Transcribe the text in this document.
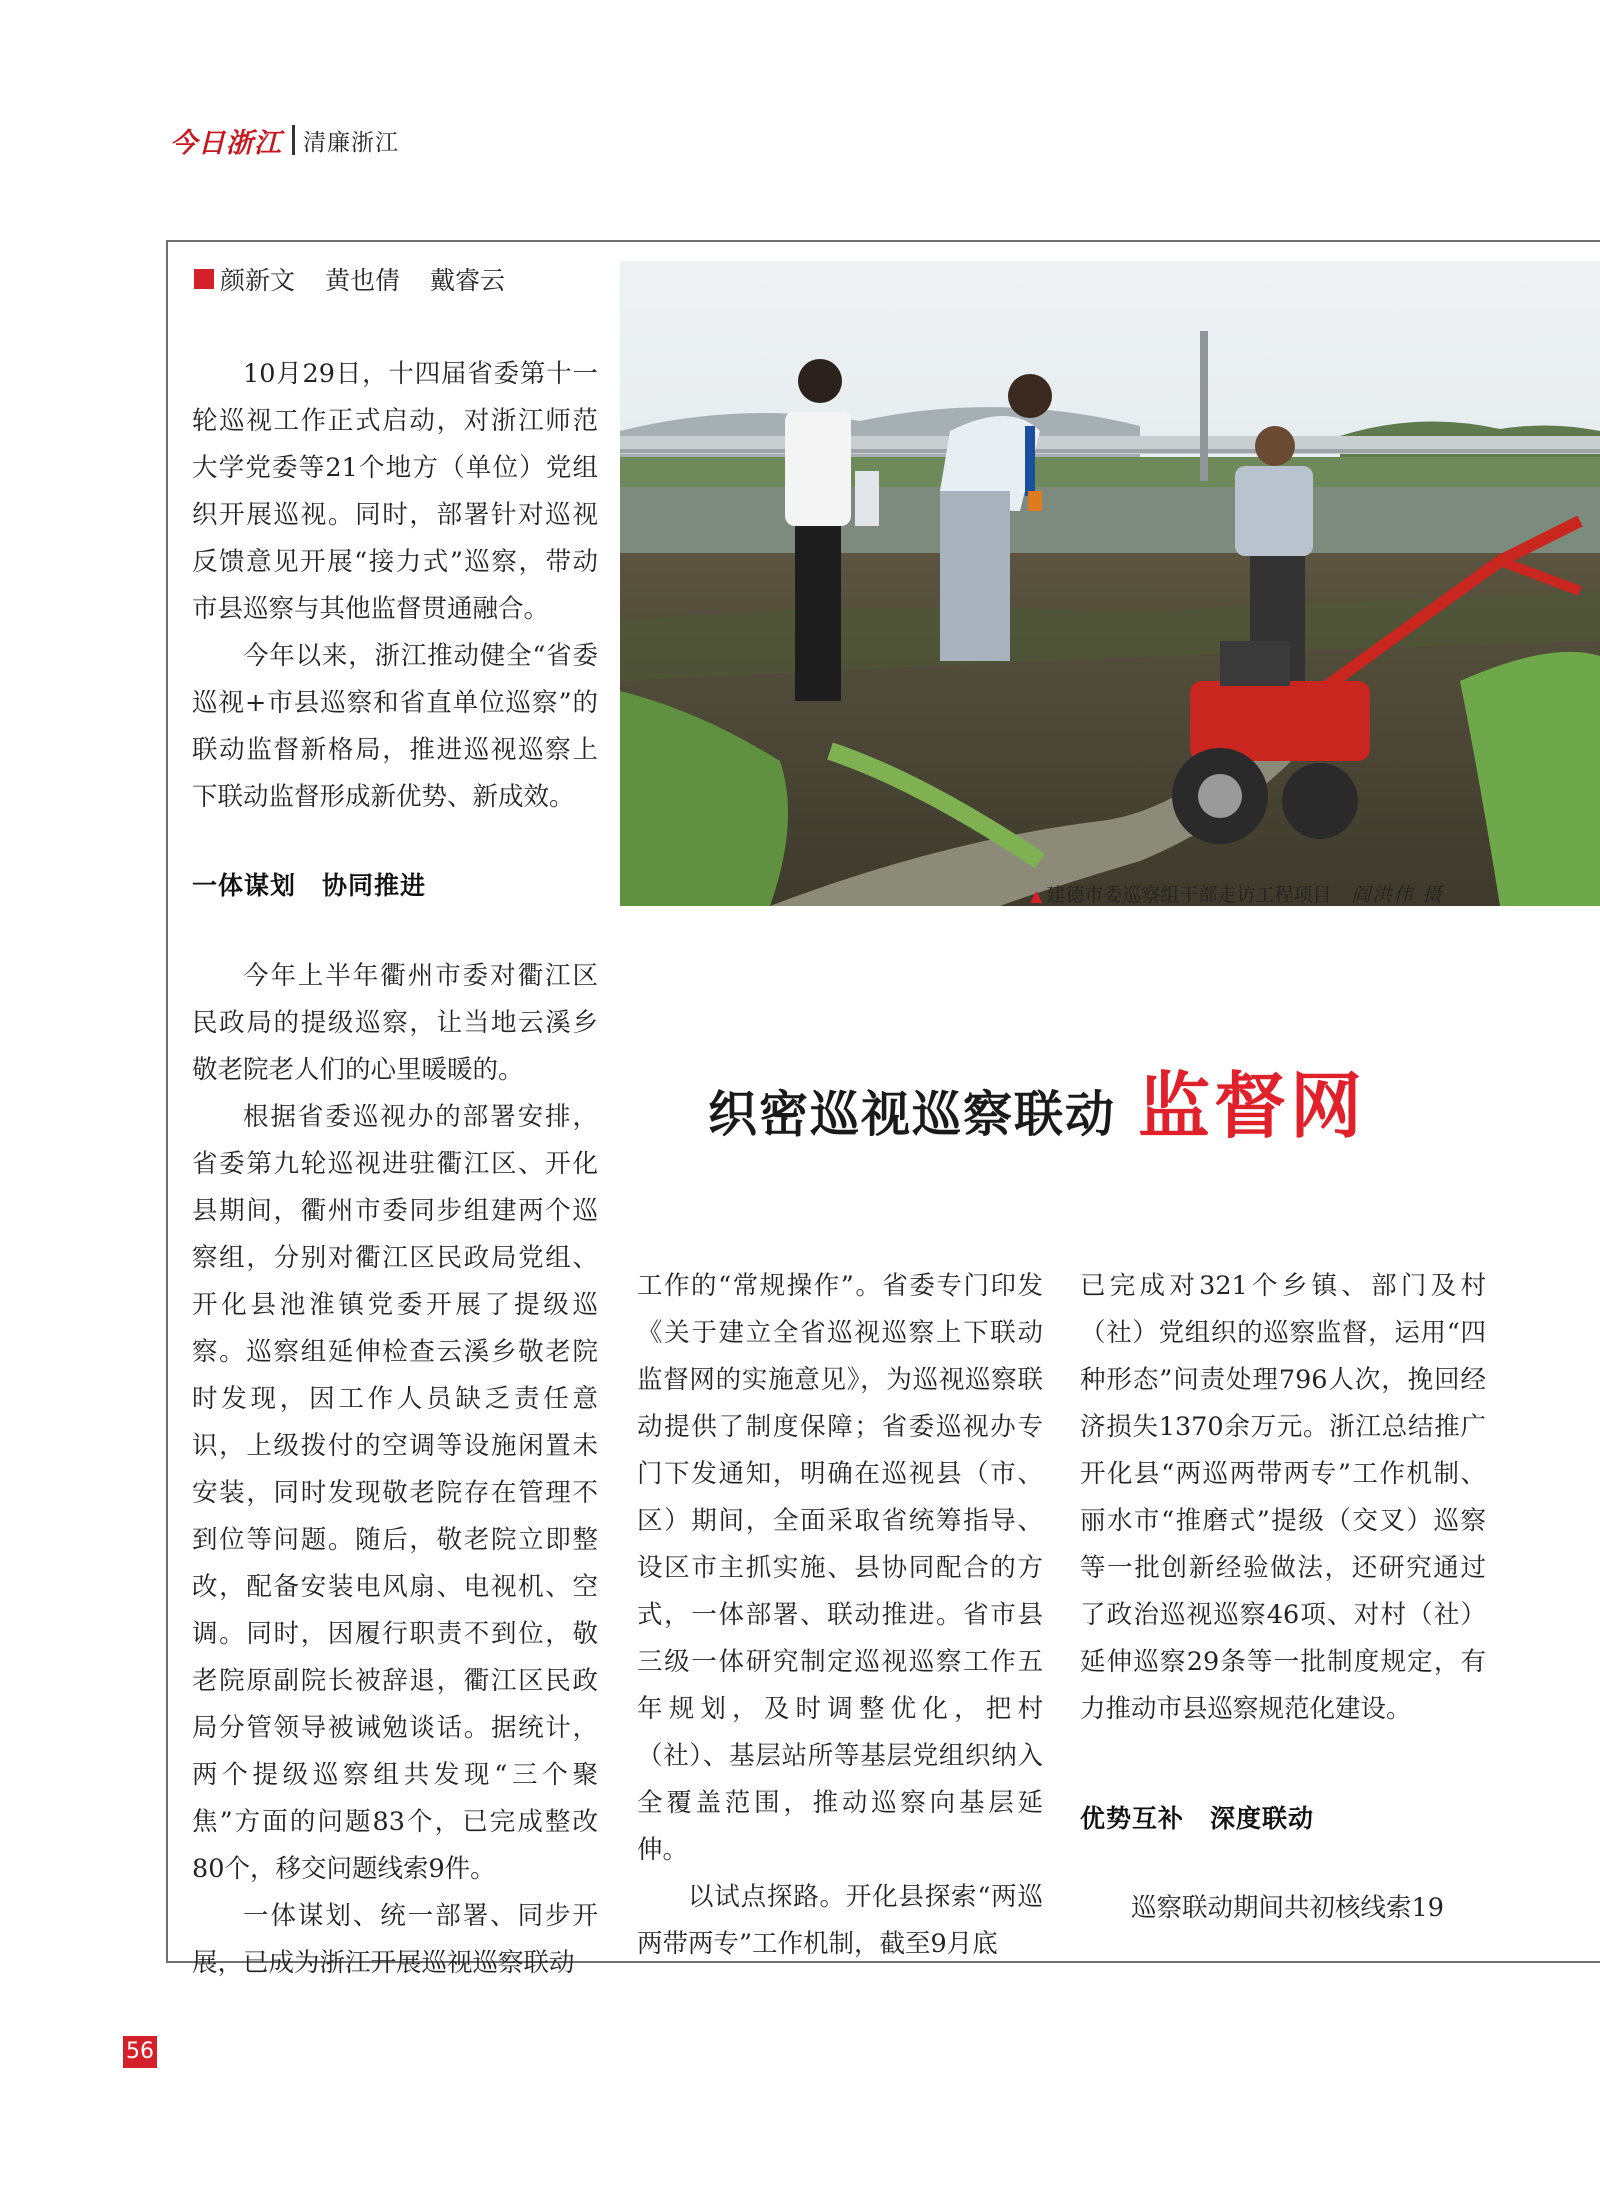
今日浙江 清廉浙江
颜新文 黄也倩 戴睿云

10月29日，十四届省委第十一轮巡视工作正式启动，对浙江师范大学党委等21个地方（单位）党组织开展巡视。同时，部署针对巡视反馈意见开展“接力式”巡察，带动市县巡察与其他监督贯通融合。

今年以来，浙江推动健全“省委巡视+市县巡察和省直单位巡察”的联动监督新格局，推进巡视巡察上下联动监督形成新优势、新成效。

一体谋划　协同推进

今年上半年衢州市委对衢江区民政局的提级巡察，让当地云溪乡敬老院老人们的心里暖暖的。

根据省委巡视办的部署安排，省委第九轮巡视进驻衢江区、开化县期间，衢州市委同步组建两个巡察组，分别对衢江区民政局党组、开化县池淮镇党委开展了提级巡察。巡察组延伸检查云溪乡敬老院时发现，因工作人员缺乏责任意识，上级拨付的空调等设施闲置未安装，同时发现敬老院存在管理不到位等问题。随后，敬老院立即整改，配备安装电风扇、电视机、空调。同时，因履行职责不到位，敬老院原副院长被辞退，衢江区民政局分管领导被诫勉谈话。据统计，两个提级巡察组共发现“三个聚焦”方面的问题83个，已完成整改80个，移交问题线索9件。

一体谋划、统一部署、同步开展，已成为浙江开展巡视巡察联动

▲ 建德市委巡察组干部走访工程项目 阎洪伟 摄
织密巡视巡察联动 监督网

工作的“常规操作”。省委专门印发《关于建立全省巡视巡察上下联动监督网的实施意见》，为巡视巡察联动提供了制度保障；省委巡视办专门下发通知，明确在巡视县（市、区）期间，全面采取省统筹指导、设区市主抓实施、县协同配合的方式，一体部署、联动推进。省市县三级一体研究制定巡视巡察工作五年规划，及时调整优化，把村（社）、基层站所等基层党组织纳入全覆盖范围，推动巡察向基层延伸。

以试点探路。开化县探索“两巡两带两专”工作机制，截至9月底

已完成对321个乡镇、部门及村（社）党组织的巡察监督，运用“四种形态”问责处理796人次，挽回经济损失1370余万元。浙江总结推广开化县“两巡两带两专”工作机制、丽水市“推磨式”提级（交叉）巡察等一批创新经验做法，还研究通过了政治巡视巡察46项、对村（社）延伸巡察29条等一批制度规定，有力推动市县巡察规范化建设。

优势互补　深度联动

巡察联动期间共初核线索19

56
